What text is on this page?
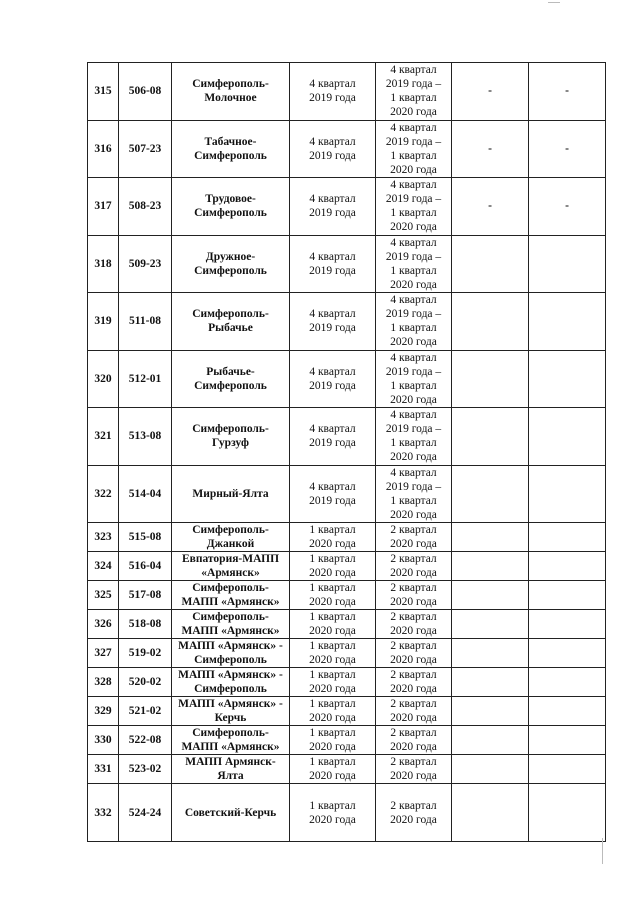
315	506-08	Симферополь-
Молочное	4 квартал
2019 года	4 квартал
2019 года –
1 квартал
2020 года	-	-
316	507-23	Табачное-
Симферополь	4 квартал
2019 года	4 квартал
2019 года –
1 квартал
2020 года	-	-
317	508-23	Трудовое-
Симферополь	4 квартал
2019 года	4 квартал
2019 года –
1 квартал
2020 года	-	-
318	509-23	Дружное-
Симферополь	4 квартал
2019 года	4 квартал
2019 года –
1 квартал
2020 года		

319	511-08	Симферополь-
Рыбачье	4 квартал
2019 года	4 квартал
2019 года –
1 квартал
2020 года		

320	512-01	Рыбачье-
Симферополь	4 квартал
2019 года	4 квартал
2019 года –
1 квартал
2020 года		

321	513-08	Симферополь-
Гурзуф	4 квартал
2019 года	4 квартал
2019 года –
1 квартал
2020 года		

322	514-04	Мирный-Ялта	4 квартал
2019 года	4 квартал
2019 года –
1 квартал
2020 года		

323	515-08	Симферополь-
Джанкой	1 квартал
2020 года	2 квартал
2020 года		

324	516-04	Евпатория-МАПП
«Армянск»	1 квартал
2020 года	2 квартал
2020 года		

325	517-08	Симферополь-
МАПП «Армянск»	1 квартал
2020 года	2 квартал
2020 года		

326	518-08	Симферополь-
МАПП «Армянск»	1 квартал
2020 года	2 квартал
2020 года		

327	519-02	МАПП «Армянск» -
Симферополь	1 квартал
2020 года	2 квартал
2020 года		

328	520-02	МАПП «Армянск» -
Симферополь	1 квартал
2020 года	2 квартал
2020 года		

329	521-02	МАПП «Армянск» -
Керчь	1 квартал
2020 года	2 квартал
2020 года		

330	522-08	Симферополь-
МАПП «Армянск»	1 квартал
2020 года	2 квартал
2020 года		

331	523-02	МАПП Армянск-
Ялта	1 квартал
2020 года	2 квартал
2020 года		

332	524-24	Советский-Керчь	1 квартал
2020 года	2 квартал
2020 года		
